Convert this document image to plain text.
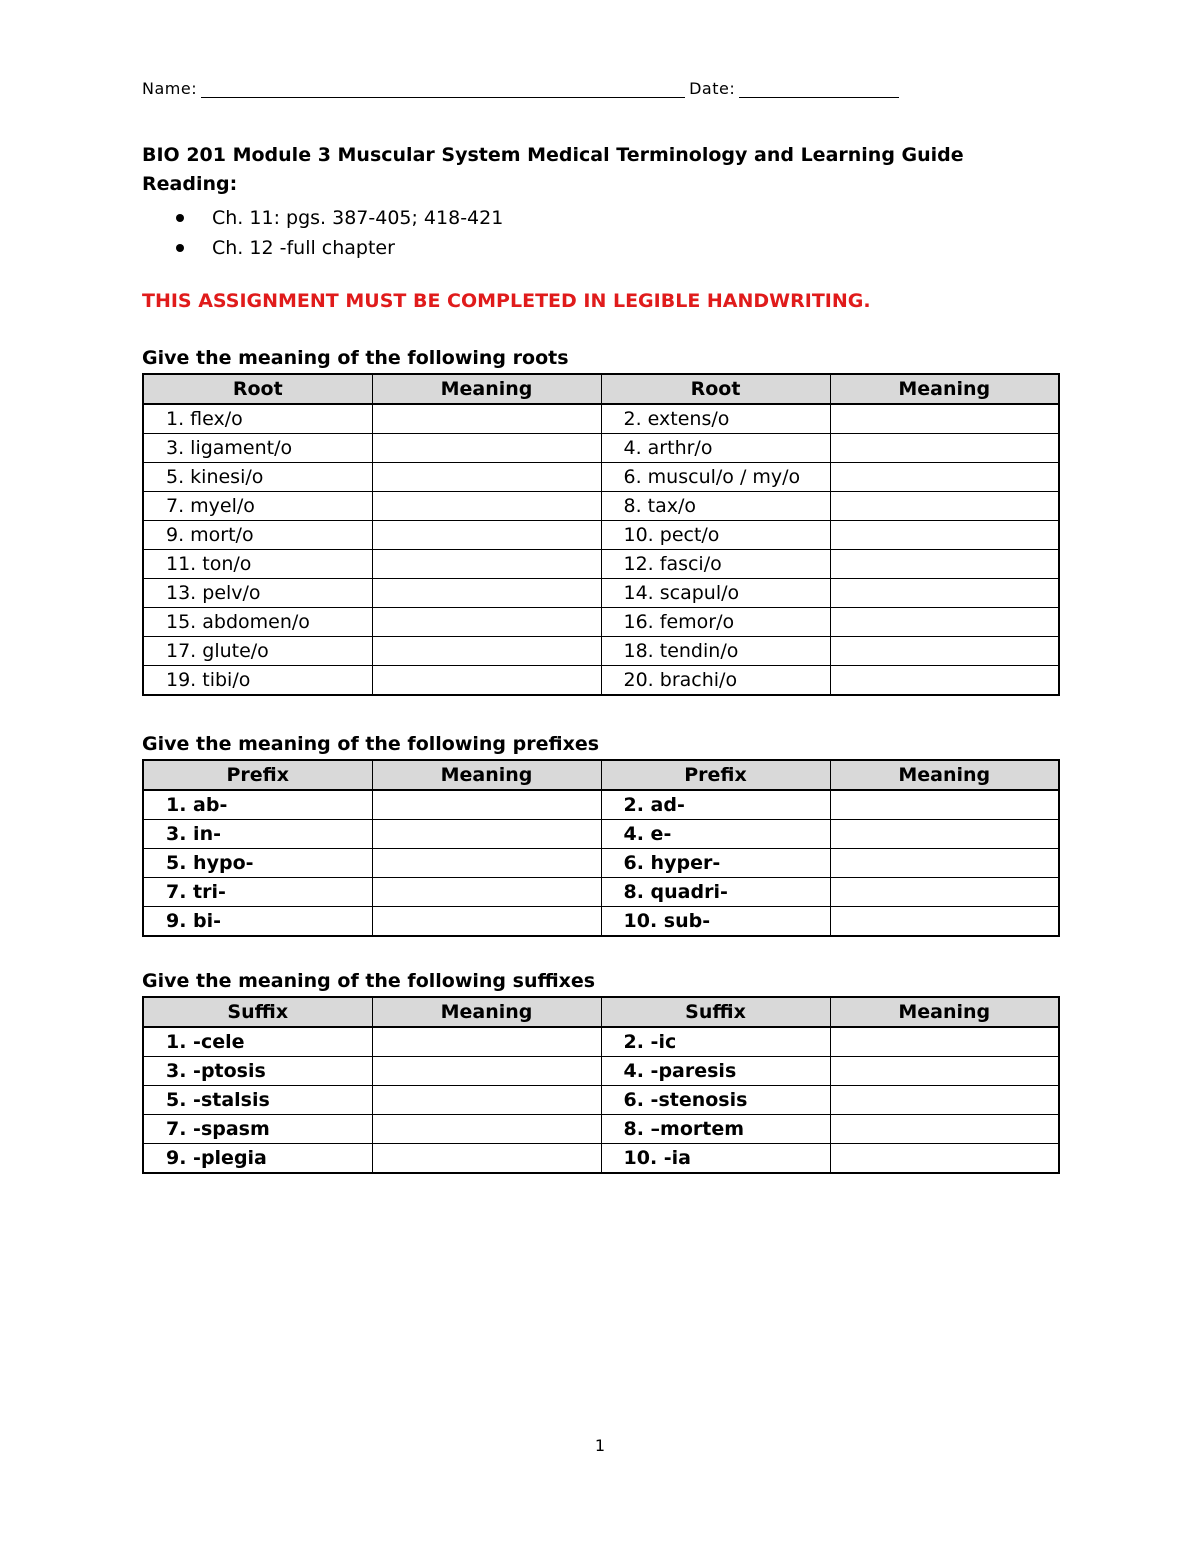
Name:	Date:
BIO 201 Module 3 Muscular System Medical Terminology and Learning Guide
Reading:
Ch. 11: pgs. 387-405; 418-421
Ch. 12 -full chapter
THIS ASSIGNMENT MUST BE COMPLETED IN LEGIBLE HANDWRITING.
Give the meaning of the following roots
Root	Meaning	Root	Meaning
1. flex/o		2. extens/o	
3. ligament/o		4. arthr/o	
5. kinesi/o		6. muscul/o / my/o	
7. myel/o		8. tax/o	
9. mort/o		10. pect/o	
11. ton/o		12. fasci/o	
13. pelv/o		14. scapul/o	
15. abdomen/o		16. femor/o	
17. glute/o		18. tendin/o	
19. tibi/o		20. brachi/o	
Give the meaning of the following prefixes
Prefix	Meaning	Prefix	Meaning
1. ab-		2. ad-	
3. in-		4. e-	
5. hypo-		6. hyper-	
7. tri-		8. quadri-	
9. bi-		10. sub-	
Give the meaning of the following suffixes
Suffix	Meaning	Suffix	Meaning
1. -cele		2. -ic	
3. -ptosis		4. -paresis	
5. -stalsis		6. -stenosis	
7. -spasm		8. –mortem	
9. -plegia		10. -ia	
1
